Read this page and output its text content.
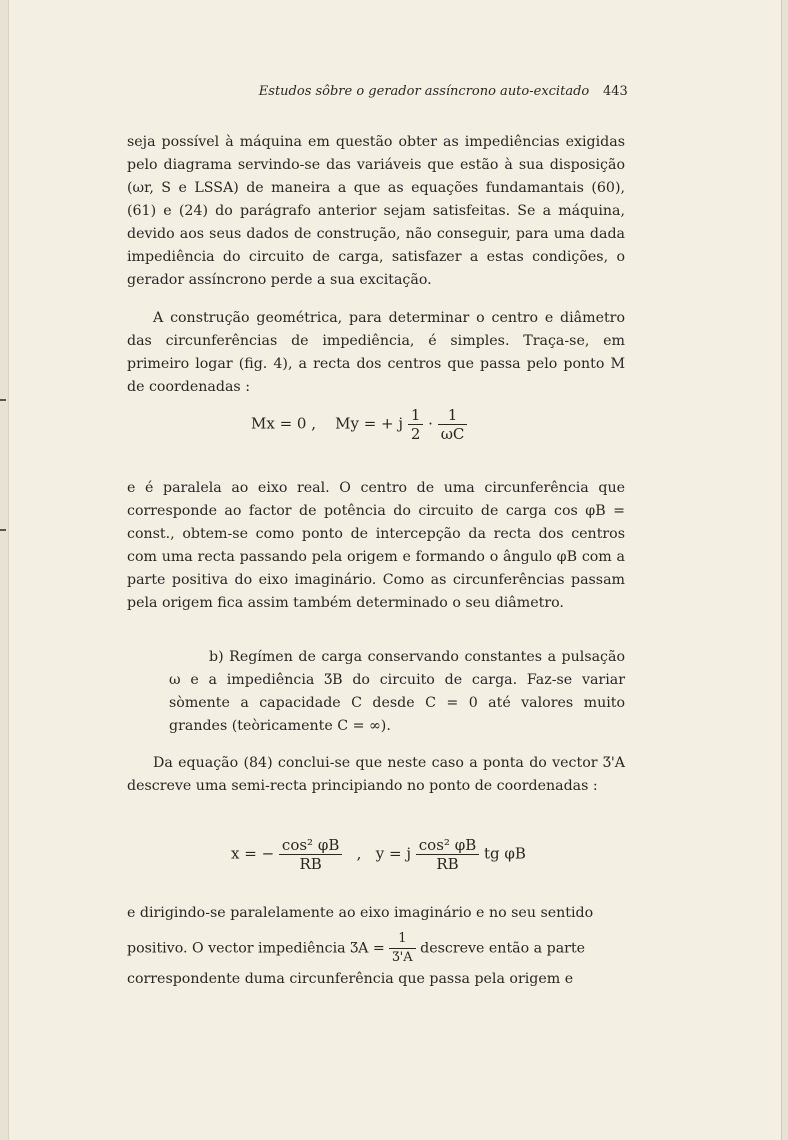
Estudos sôbre o gerador assíncrono auto-excitado	443
seja possível à máquina em questão obter as impediências exigidas pelo diagrama servindo-se das variáveis que estão à sua disposição (ωr, S e LSSA) de maneira a que as equações fundamantais (60), (61) e (24) do parágrafo anterior sejam satisfeitas. Se a máquina, devido aos seus dados de construção, não conseguir, para uma dada impediência do circuito de carga, satisfazer a estas condições, o gerador assíncrono perde a sua excitação.
A construção geométrica, para determinar o centro e diâmetro das circunferências de impediência, é simples. Traça-se, em primeiro logar (fig. 4), a recta dos centros que passa pelo ponto M de coordenadas :
Mx = 0 , My = + j $\frac{1}{2} \cdot \frac{1}{\omega C}$
e é paralela ao eixo real. O centro de uma circunferência que corresponde ao factor de potência do circuito de carga cos φB = const., obtem-se como ponto de intercepção da recta dos centros com uma recta passando pela origem e formando o ângulo φB com a parte positiva do eixo imaginário. Como as circunferências passam pela origem fica assim também determinado o seu diâmetro.
b) Regímen de carga conservando constantes a pulsação ω e a impediência ƷB do circuito de carga. Faz-se variar sòmente a capacidade C desde C = 0 até valores muito grandes (teòricamente C = ∞).
Da equação (84) conclui-se que neste caso a ponta do vector Ʒ'A descreve uma semi-recta principiando no ponto de coordenadas :
x = − $\frac{\text{cos² φB}}{RB}$ , y = j $\frac{\text{cos² φB}}{RB}$ tg φB
e dirigindo-se paralelamente ao eixo imaginário e no seu sentido
positivo. O vector impediência ƷA = $\frac{1}{Ʒ'A}$ descreve então a parte
correspondente duma circunferência que passa pela origem e
